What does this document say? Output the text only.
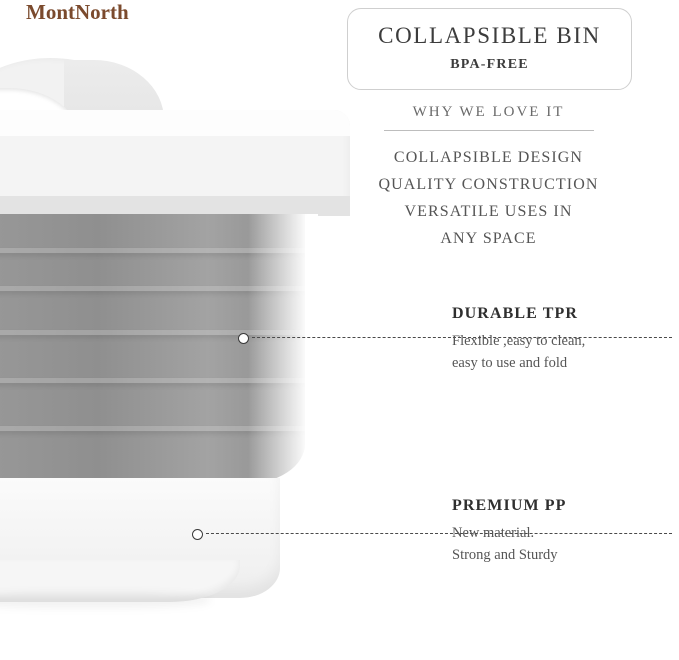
MontNorth
COLLAPSIBLE BIN
BPA-FREE
WHY WE LOVE IT
COLLAPSIBLE DESIGN
QUALITY CONSTRUCTION
VERSATILE USES IN
ANY SPACE
DURABLE TPR
Flexible ,easy to clean,
easy to use and fold
PREMIUM PP
New material.
Strong and Sturdy
